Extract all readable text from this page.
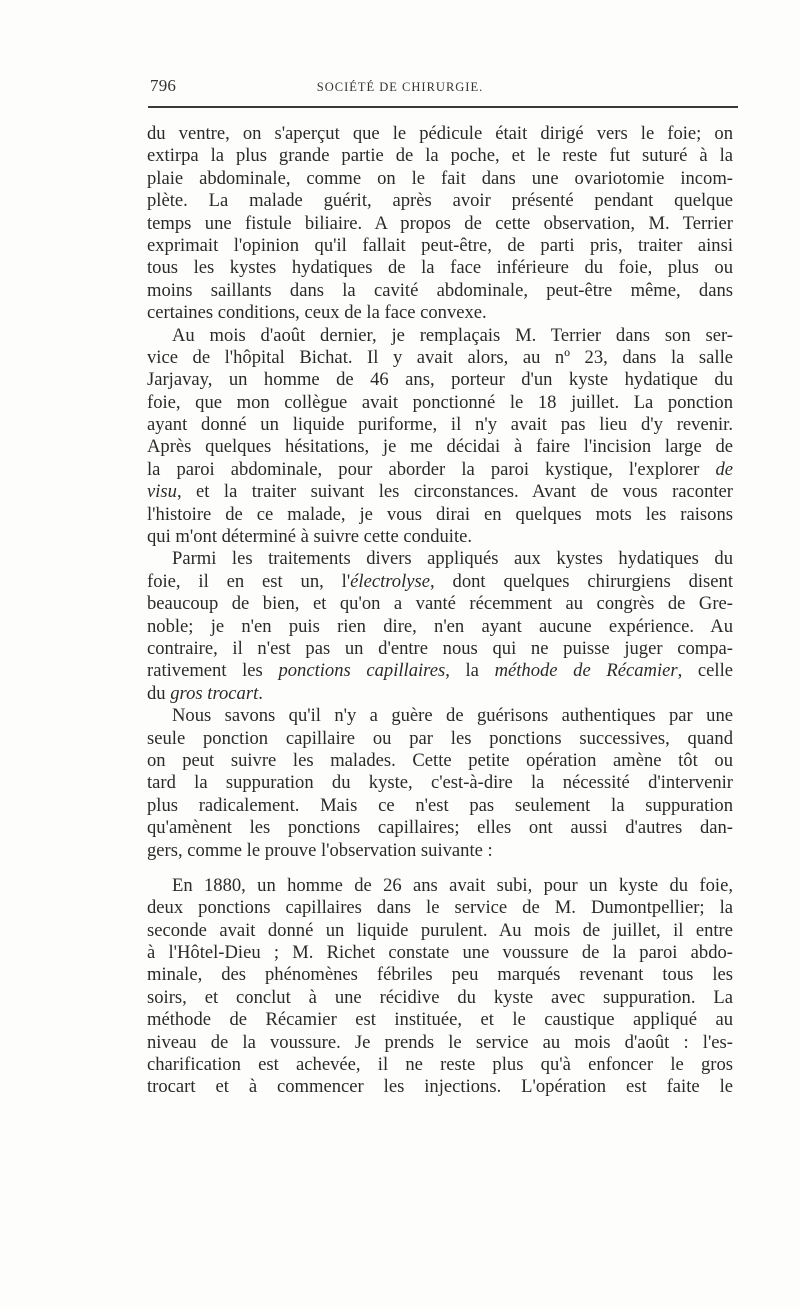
796	SOCIÉTÉ DE CHIRURGIE.
du ventre, on s'aperçut que le pédicule était dirigé vers le foie; on
extirpa la plus grande partie de la poche, et le reste fut suturé à la
plaie abdominale, comme on le fait dans une ovariotomie incom-
plète. La malade guérit, après avoir présenté pendant quelque
temps une fistule biliaire. A propos de cette observation, M. Terrier
exprimait l'opinion qu'il fallait peut-être, de parti pris, traiter ainsi
tous les kystes hydatiques de la face inférieure du foie, plus ou
moins saillants dans la cavité abdominale, peut-être même, dans
certaines conditions, ceux de la face convexe.
Au mois d'août dernier, je remplaçais M. Terrier dans son ser-
vice de l'hôpital Bichat. Il y avait alors, au nº 23, dans la salle
Jarjavay, un homme de 46 ans, porteur d'un kyste hydatique du
foie, que mon collègue avait ponctionné le 18 juillet. La ponction
ayant donné un liquide puriforme, il n'y avait pas lieu d'y revenir.
Après quelques hésitations, je me décidai à faire l'incision large de
la paroi abdominale, pour aborder la paroi kystique, l'explorer de
visu, et la traiter suivant les circonstances. Avant de vous raconter
l'histoire de ce malade, je vous dirai en quelques mots les raisons
qui m'ont déterminé à suivre cette conduite.
Parmi les traitements divers appliqués aux kystes hydatiques du
foie, il en est un, l'électrolyse, dont quelques chirurgiens disent
beaucoup de bien, et qu'on a vanté récemment au congrès de Gre-
noble; je n'en puis rien dire, n'en ayant aucune expérience. Au
contraire, il n'est pas un d'entre nous qui ne puisse juger compa-
rativement les ponctions capillaires, la méthode de Récamier, celle
du gros trocart.
Nous savons qu'il n'y a guère de guérisons authentiques par une
seule ponction capillaire ou par les ponctions successives, quand
on peut suivre les malades. Cette petite opération amène tôt ou
tard la suppuration du kyste, c'est-à-dire la nécessité d'intervenir
plus radicalement. Mais ce n'est pas seulement la suppuration
qu'amènent les ponctions capillaires; elles ont aussi d'autres dan-
gers, comme le prouve l'observation suivante :
En 1880, un homme de 26 ans avait subi, pour un kyste du foie,
deux ponctions capillaires dans le service de M. Dumontpellier; la
seconde avait donné un liquide purulent. Au mois de juillet, il entre
à l'Hôtel-Dieu ; M. Richet constate une voussure de la paroi abdo-
minale, des phénomènes fébriles peu marqués revenant tous les
soirs, et conclut à une récidive du kyste avec suppuration. La
méthode de Récamier est instituée, et le caustique appliqué au
niveau de la voussure. Je prends le service au mois d'août : l'es-
charification est achevée, il ne reste plus qu'à enfoncer le gros
trocart et à commencer les injections. L'opération est faite le
